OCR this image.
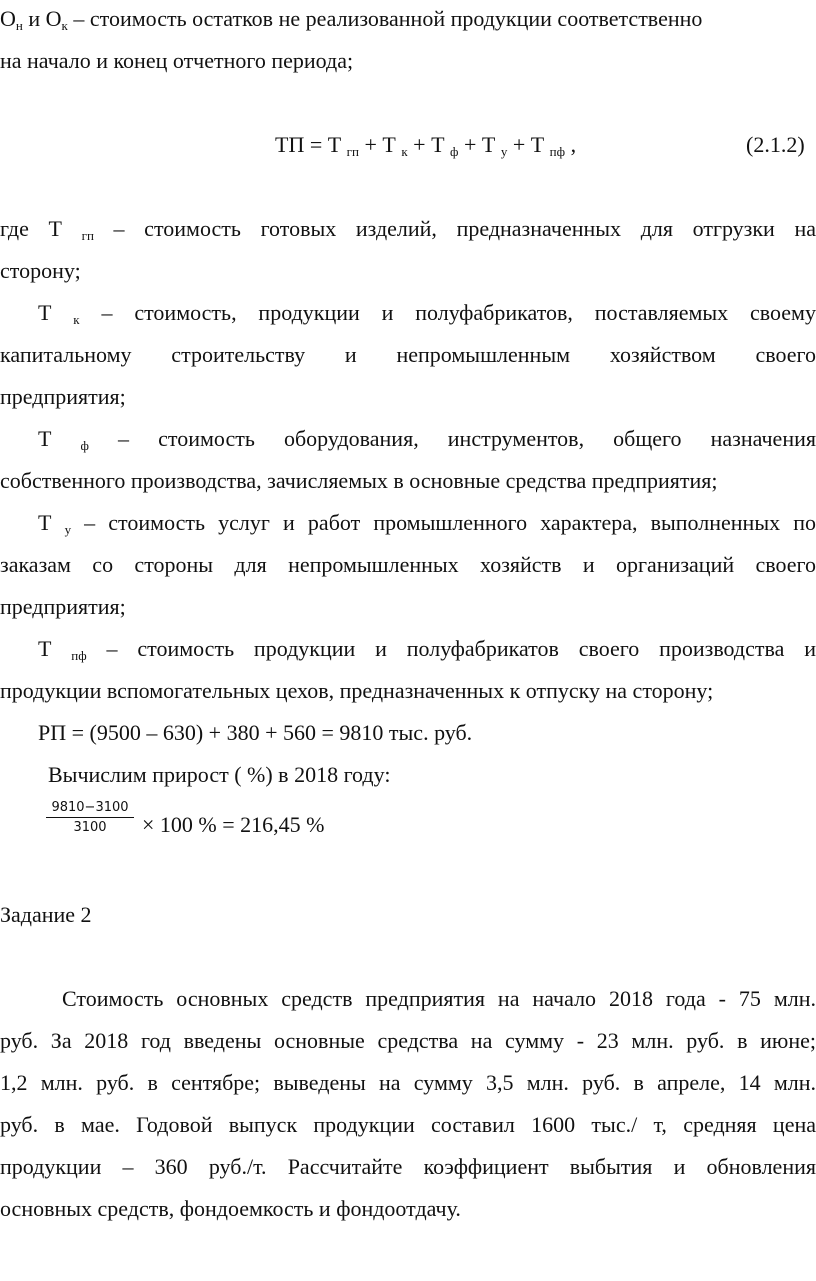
Он и Ок – стоимость остатков не реализованной продукции соответственно
на начало и конец отчетного периода;
ТП = Т гп + Т к + Т ф + Т у + Т пф ,	(2.1.2)
где Т гп – стоимость готовых изделий, предназначенных для отгрузки на
сторону;
Т к – стоимость, продукции и полуфабрикатов, поставляемых своему
капитальному строительству и непромышленным хозяйством своего
предприятия;
Т ф – стоимость оборудования, инструментов, общего назначения
собственного производства, зачисляемых в основные средства предприятия;
Т у – стоимость услуг и работ промышленного характера, выполненных по
заказам со стороны для непромышленных хозяйств и организаций своего
предприятия;
Т пф – стоимость продукции и полуфабрикатов своего производства и
продукции вспомогательных цехов, предназначенных к отпуску на сторону;
РП = (9500 – 630) + 380 + 560 = 9810 тыс. руб.
Вычислим прирост ( %) в 2018 году:
9810−3100
3100	× 100 % = 216,45 %
Задание 2
Стоимость основных средств предприятия на начало 2018 года - 75 млн.
руб. За 2018 год введены основные средства на сумму - 23 млн. руб. в июне;
1,2 млн. руб. в сентябре; выведены на сумму 3,5 млн. руб. в апреле, 14 млн.
руб. в мае. Годовой выпуск продукции составил 1600 тыс./ т, средняя цена
продукции – 360 руб./т. Рассчитайте коэффициент выбытия и обновления
основных средств, фондоемкость и фондоотдачу.
